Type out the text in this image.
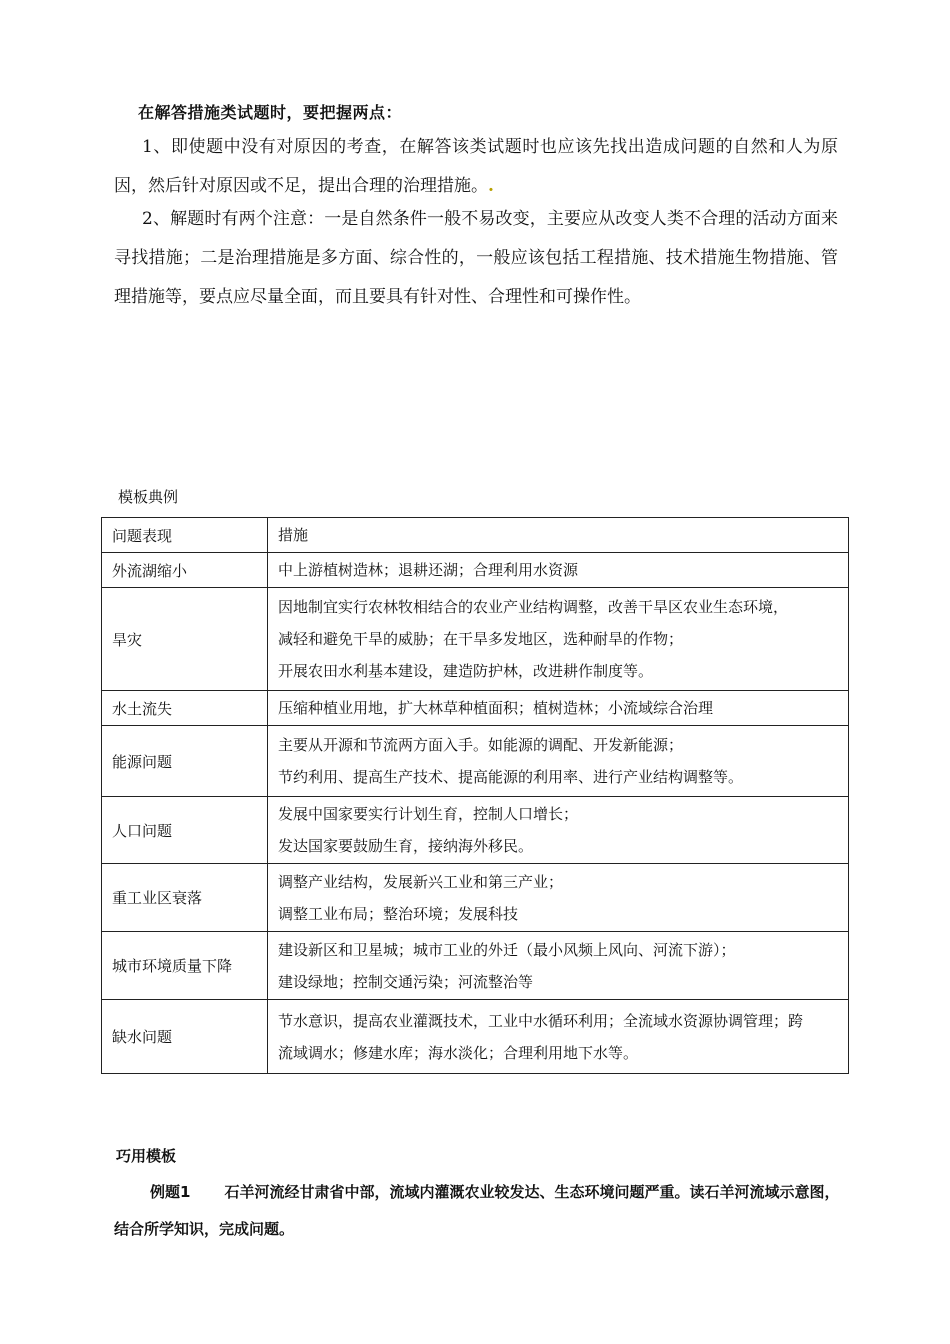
在解答措施类试题时，要把握两点：
1、即使题中没有对原因的考查，在解答该类试题时也应该先找出造成问题的自然和人为原因，然后针对原因或不足，提出合理的治理措施。.
2、解题时有两个注意：一是自然条件一般不易改变，主要应从改变人类不合理的活动方面来寻找措施；二是治理措施是多方面、综合性的，一般应该包括工程措施、技术措施生物措施、管理措施等，要点应尽量全面，而且要具有针对性、合理性和可操作性。
模板典例
问题表现	措施
外流湖缩小	中上游植树造林；退耕还湖；合理利用水资源

旱灾	因地制宜实行农林牧相结合的农业产业结构调整，改善干旱区农业生态环境，
减轻和避免干旱的威胁；在干旱多发地区，选种耐旱的作物；
开展农田水利基本建设，建造防护林，改进耕作制度等。

水土流失	压缩种植业用地，扩大林草种植面积；植树造林；小流域综合治理

能源问题	主要从开源和节流两方面入手。如能源的调配、开发新能源；
节约利用、提高生产技术、提高能源的利用率、进行产业结构调整等。

人口问题	发展中国家要实行计划生育，控制人口增长；
发达国家要鼓励生育，接纳海外移民。

重工业区衰落	调整产业结构，发展新兴工业和第三产业；
调整工业布局；整治环境；发展科技

城市环境质量下降	建设新区和卫星城；城市工业的外迁（最小风频上风向、河流下游）；
建设绿地；控制交通污染；河流整治等

缺水问题	节水意识，提高农业灌溉技术，工业中水循环利用；全流域水资源协调管理；跨
流域调水；修建水库；海水淡化；合理利用地下水等。
巧用模板
例题1 石羊河流经甘肃省中部，流域内灌溉农业较发达、生态环境问题严重。读石羊河流域示意图，结合所学知识，完成问题。
